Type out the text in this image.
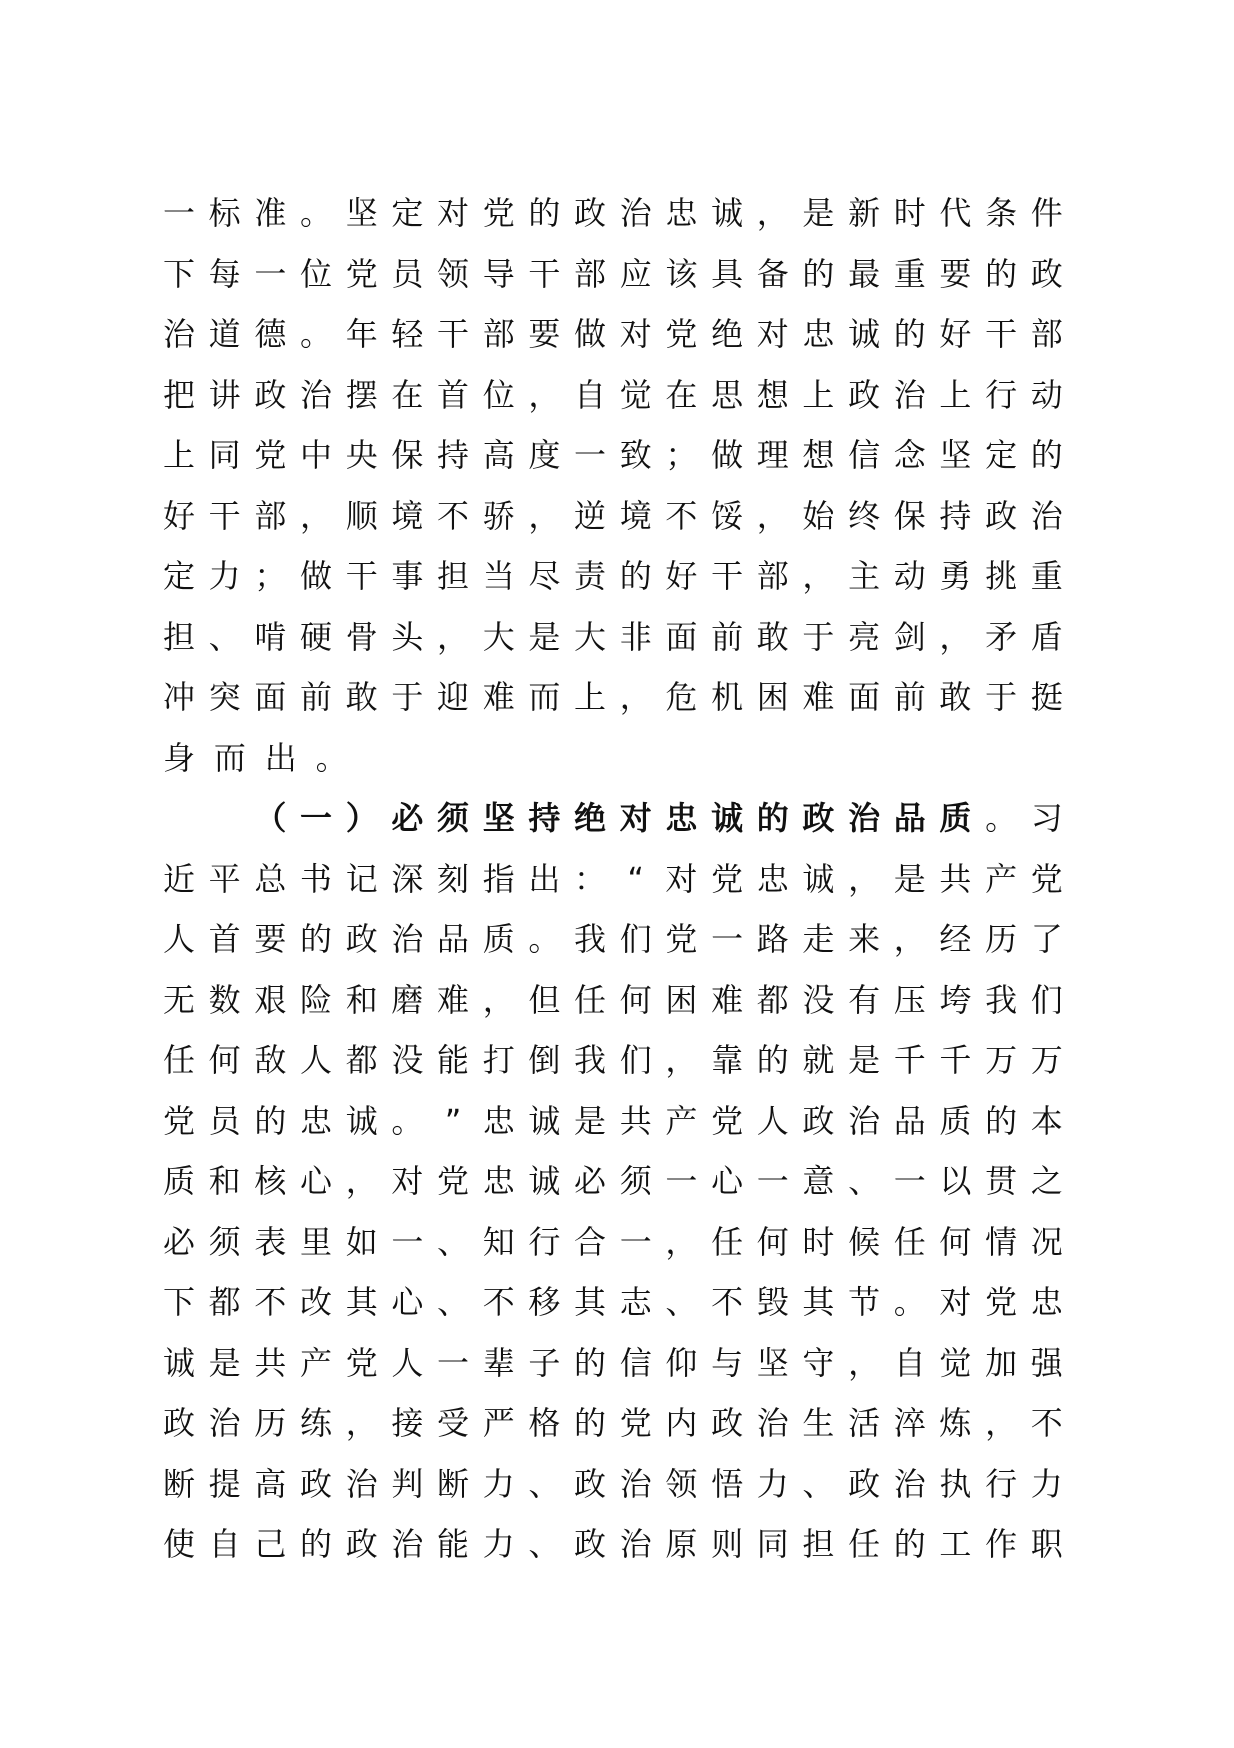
一 标 准 。 坚 定 对 党 的 政 治 忠 诚 ， 是 新 时 代 条 件
下 每 一 位 党 员 领 导 干 部 应 该 具 备 的 最 重 要 的 政
治 道 德 。 年 轻 干 部 要 做 对 党 绝 对 忠 诚 的 好 干 部
把 讲 政 治 摆 在 首 位 ， 自 觉 在 思 想 上 政 治 上 行 动
上 同 党 中 央 保 持 高 度 一 致 ； 做 理 想 信 念 坚 定 的
好 干 部 ， 顺 境 不 骄 ， 逆 境 不 馁 ， 始 终 保 持 政 治
定 力 ； 做 干 事 担 当 尽 责 的 好 干 部 ， 主 动 勇 挑 重
担 、 啃 硬 骨 头 ， 大 是 大 非 面 前 敢 于 亮 剑 ， 矛 盾
冲 突 面 前 敢 于 迎 难 而 上 ， 危 机 困 难 面 前 敢 于 挺
身 而 出 。

（ 一 ） 必 须 坚 持 绝 对 忠 诚 的 政 治 品 质 。 习
近 平 总 书 记 深 刻 指 出 ： “ 对 党 忠 诚 ， 是 共 产 党
人 首 要 的 政 治 品 质 。 我 们 党 一 路 走 来 ， 经 历 了
无 数 艰 险 和 磨 难 ， 但 任 何 困 难 都 没 有 压 垮 我 们
任 何 敌 人 都 没 能 打 倒 我 们 ， 靠 的 就 是 千 千 万 万
党 员 的 忠 诚 。 ” 忠 诚 是 共 产 党 人 政 治 品 质 的 本
质 和 核 心 ， 对 党 忠 诚 必 须 一 心 一 意 、 一 以 贯 之
必 须 表 里 如 一 、 知 行 合 一 ， 任 何 时 候 任 何 情 况
下 都 不 改 其 心 、 不 移 其 志 、 不 毁 其 节 。 对 党 忠
诚 是 共 产 党 人 一 辈 子 的 信 仰 与 坚 守 ， 自 觉 加 强
政 治 历 练 ， 接 受 严 格 的 党 内 政 治 生 活 淬 炼 ， 不
断 提 高 政 治 判 断 力 、 政 治 领 悟 力 、 政 治 执 行 力
使 自 己 的 政 治 能 力 、 政 治 原 则 同 担 任 的 工 作 职
